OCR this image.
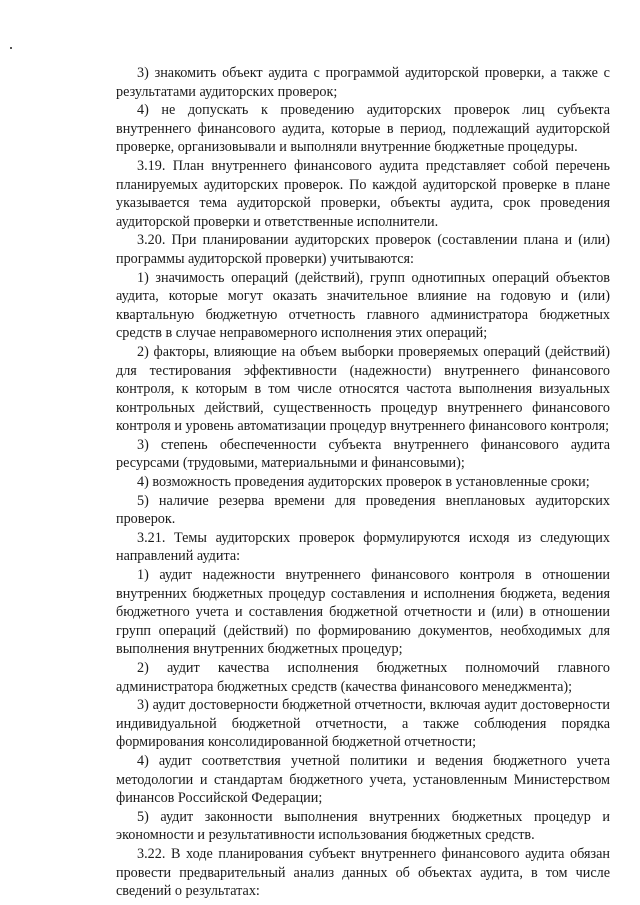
3) знакомить объект аудита с программой аудиторской проверки, а также с результатами аудиторских проверок;

4) не допускать к проведению аудиторских проверок лиц субъекта внутреннего финансового аудита, которые в период, подлежащий аудиторской проверке, организовывали и выполняли внутренние бюджетные процедуры.

3.19. План внутреннего финансового аудита представляет собой перечень планируемых аудиторских проверок. По каждой аудиторской проверке в плане указывается тема аудиторской проверки, объекты аудита, срок проведения аудиторской проверки и ответственные исполнители.

3.20. При планировании аудиторских проверок (составлении плана и (или) программы аудиторской проверки) учитываются:

1) значимость операций (действий), групп однотипных операций объектов аудита, которые могут оказать значительное влияние на годовую и (или) квартальную бюджетную отчетность главного администратора бюджетных средств в случае неправомерного исполнения этих операций;

2) факторы, влияющие на объем выборки проверяемых операций (действий) для тестирования эффективности (надежности) внутреннего финансового контроля, к которым в том числе относятся частота выполнения визуальных контрольных действий, существенность процедур внутреннего финансового контроля и уровень автоматизации процедур внутреннего финансового контроля;

3) степень обеспеченности субъекта внутреннего финансового аудита ресурсами (трудовыми, материальными и финансовыми);

4) возможность проведения аудиторских проверок в установленные сроки;

5) наличие резерва времени для проведения внеплановых аудиторских проверок.

3.21. Темы аудиторских проверок формулируются исходя из следующих направлений аудита:

1) аудит надежности внутреннего финансового контроля в отношении внутренних бюджетных процедур составления и исполнения бюджета, ведения бюджетного учета и составления бюджетной отчетности и (или) в отношении групп операций (действий) по формированию документов, необходимых для выполнения внутренних бюджетных процедур;

2) аудит качества исполнения бюджетных полномочий главного администратора бюджетных средств (качества финансового менеджмента);

3) аудит достоверности бюджетной отчетности, включая аудит достоверности индивидуальной бюджетной отчетности, а также соблюдения порядка формирования консолидированной бюджетной отчетности;

4) аудит соответствия учетной политики и ведения бюджетного учета методологии и стандартам бюджетного учета, установленным Министерством финансов Российской Федерации;

5) аудит законности выполнения внутренних бюджетных процедур и экономности и результативности использования бюджетных средств.

3.22. В ходе планирования субъект внутреннего финансового аудита обязан провести предварительный анализ данных об объектах аудита, в том числе сведений о результатах:
